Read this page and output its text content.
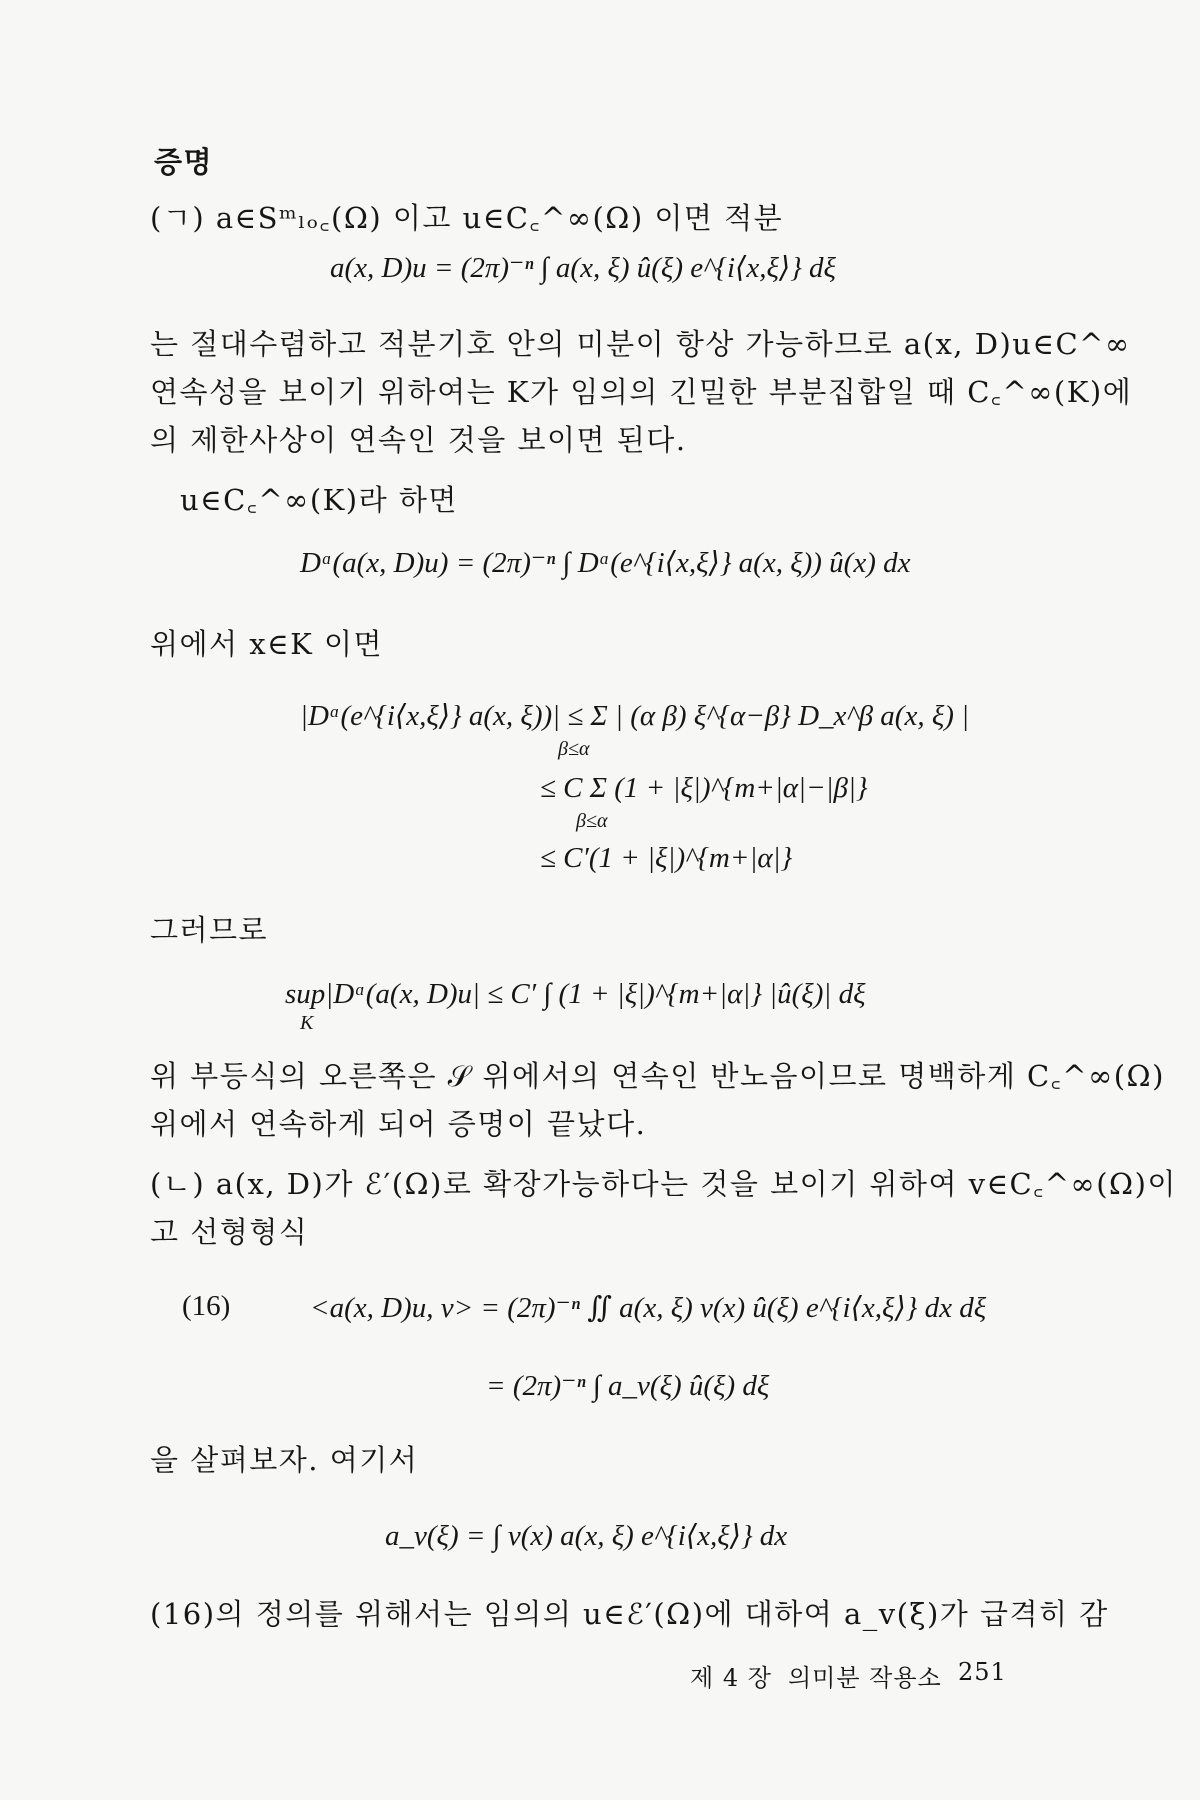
증명
(ㄱ) a∈Sᵐₗₒ꜀(Ω) 이고 u∈C꜀^∞(Ω) 이면 적분
a(x, D)u = (2π)⁻ⁿ ∫ a(x, ξ) û(ξ) e^{i⟨x,ξ⟩} dξ
는 절대수렴하고 적분기호 안의 미분이 항상 가능하므로 a(x, D)u∈C^∞
연속성을 보이기 위하여는 K가 임의의 긴밀한 부분집합일 때 C꜀^∞(K)에
의 제한사상이 연속인 것을 보이면 된다.
u∈C꜀^∞(K)라 하면
Dᵅ(a(x, D)u) = (2π)⁻ⁿ ∫ Dᵅ(e^{i⟨x,ξ⟩} a(x, ξ)) û(x) dx
위에서 x∈K 이면
|Dᵅ(e^{i⟨x,ξ⟩} a(x, ξ))| ≤ Σ | (α β) ξ^{α−β} D_x^β a(x, ξ) |
β≤α
≤ C Σ (1 + |ξ|)^{m+|α|−|β|}
β≤α
≤ C′(1 + |ξ|)^{m+|α|}
그러므로
sup|Dᵅ(a(x, D)u| ≤ C′ ∫ (1 + |ξ|)^{m+|α|} |û(ξ)| dξ
K
위 부등식의 오른쪽은 𝒮 위에서의 연속인 반노음이므로 명백하게 C꜀^∞(Ω)
위에서 연속하게 되어 증명이 끝났다.
(ㄴ) a(x, D)가 ℰ′(Ω)로 확장가능하다는 것을 보이기 위하여 v∈C꜀^∞(Ω)이
고 선형형식
(16)	<a(x, D)u, v> = (2π)⁻ⁿ ∬ a(x, ξ) v(x) û(ξ) e^{i⟨x,ξ⟩} dx dξ
= (2π)⁻ⁿ ∫ a_v(ξ) û(ξ) dξ
을 살펴보자. 여기서
a_v(ξ) = ∫ v(x) a(x, ξ) e^{i⟨x,ξ⟩} dx
(16)의 정의를 위해서는 임의의 u∈ℰ′(Ω)에 대하여 a_v(ξ)가 급격히 감
제 4 장 의미분 작용소 251
